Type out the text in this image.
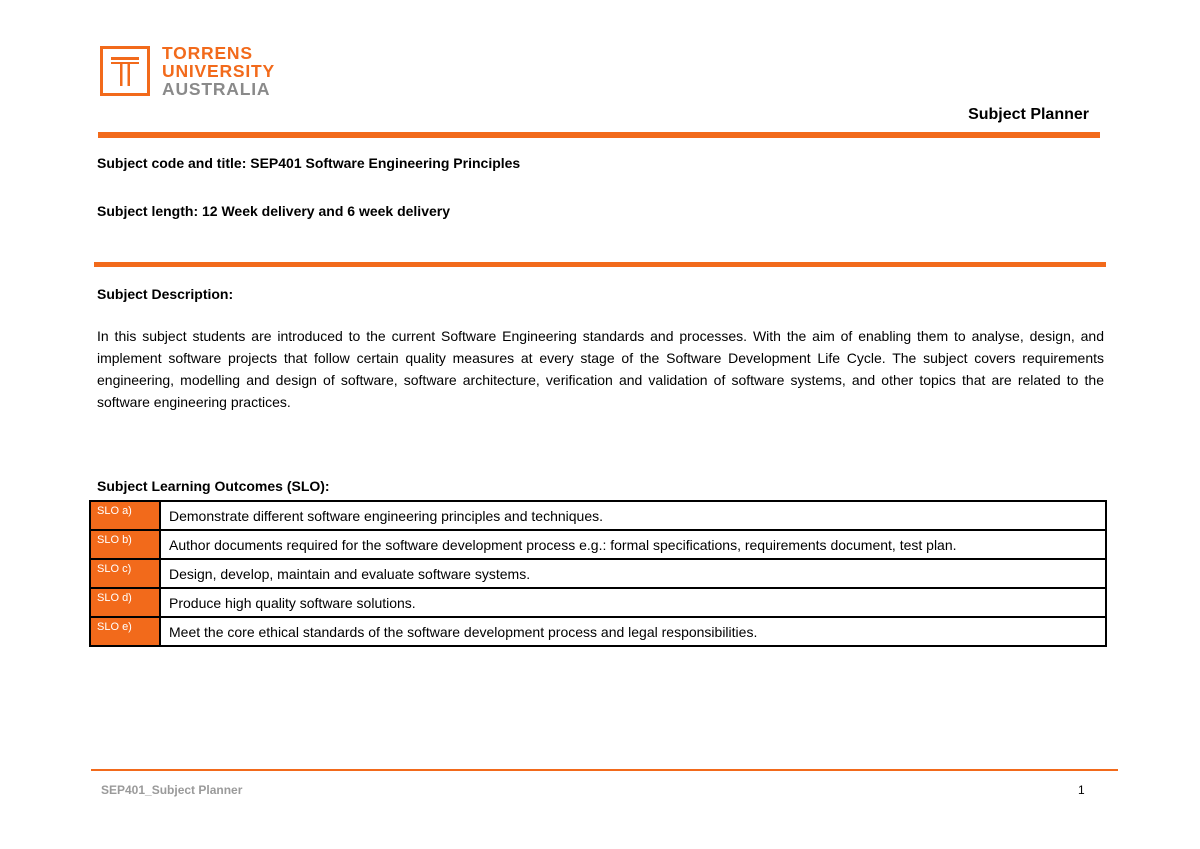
TORRENS
UNIVERSITY
AUSTRALIA
Subject Planner
Subject code and title: SEP401 Software Engineering Principles
Subject length: 12 Week delivery and 6 week delivery
Subject Description:
In this subject students are introduced to the current Software Engineering standards and processes. With the aim of enabling them to analyse, design, and implement software projects that follow certain quality measures at every stage of the Software Development Life Cycle. The subject covers requirements engineering, modelling and design of software, software architecture, verification and validation of software systems, and other topics that are related to the software engineering practices.
Subject Learning Outcomes (SLO):
SLO a)	Demonstrate different software engineering principles and techniques.
SLO b)	Author documents required for the software development process e.g.: formal specifications, requirements document, test plan.
SLO c)	Design, develop, maintain and evaluate software systems.
SLO d)	Produce high quality software solutions.
SLO e)	Meet the core ethical standards of the software development process and legal responsibilities.
SEP401_Subject Planner	1
